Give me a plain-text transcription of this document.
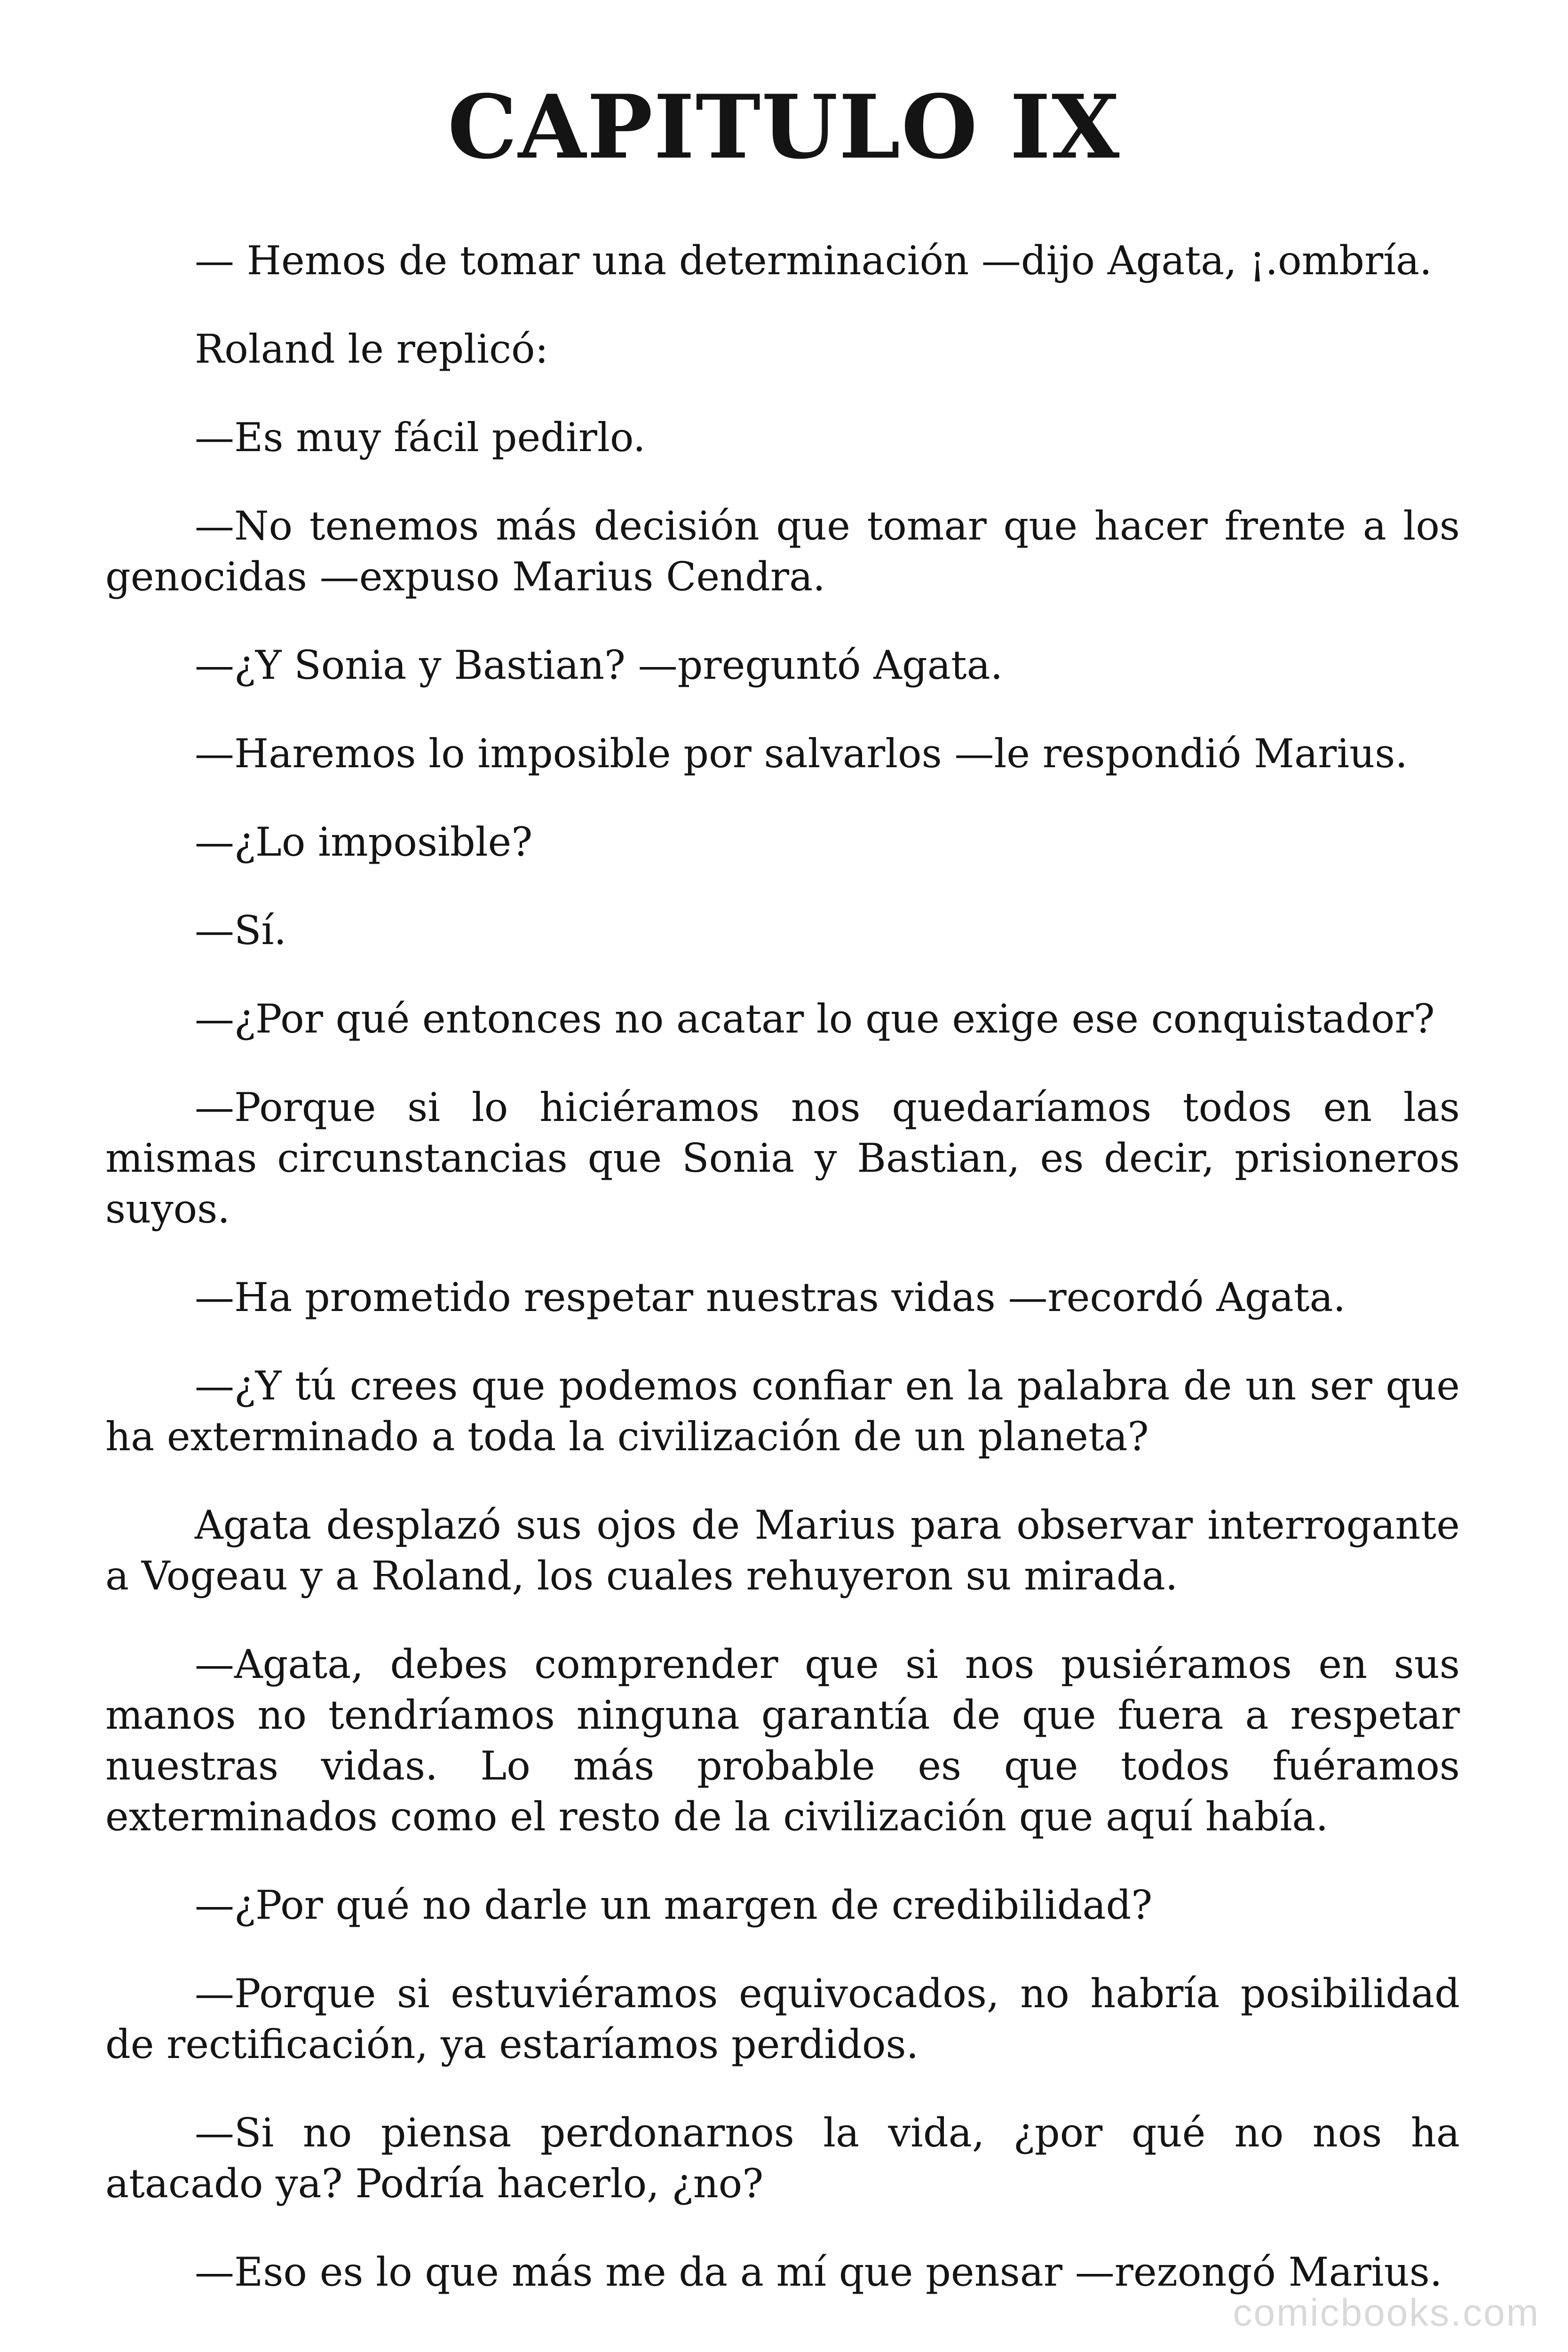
CAPITULO IX

— Hemos de tomar una determinación —dijo Agata, ¡.ombría.

Roland le replicó:

—Es muy fácil pedirlo.

—No tenemos más decisión que tomar que hacer frente a los genocidas —expuso Marius Cendra.

—¿Y Sonia y Bastian? —preguntó Agata.

—Haremos lo imposible por salvarlos —le respondió Marius.

—¿Lo imposible?

—Sí.

—¿Por qué entonces no acatar lo que exige ese conquistador?

—Porque si lo hiciéramos nos quedaríamos todos en las mismas circunstancias que Sonia y Bastian, es decir, prisioneros suyos.

—Ha prometido respetar nuestras vidas —recordó Agata.

—¿Y tú crees que podemos confiar en la palabra de un ser que ha exterminado a toda la civilización de un planeta?

Agata desplazó sus ojos de Marius para observar interrogante a Vogeau y a Roland, los cuales rehuyeron su mirada.

—Agata, debes comprender que si nos pusiéramos en sus manos no tendríamos ninguna garantía de que fuera a respetar nuestras vidas. Lo más probable es que todos fuéramos exterminados como el resto de la civilización que aquí había.

—¿Por qué no darle un margen de credibilidad?

—Porque si estuviéramos equivocados, no habría posibilidad de rectificación, ya estaríamos perdidos.

—Si no piensa perdonarnos la vida, ¿por qué no nos ha atacado ya? Podría hacerlo, ¿no?

—Eso es lo que más me da a mí que pensar —rezongó Marius.

comicbooks.com
